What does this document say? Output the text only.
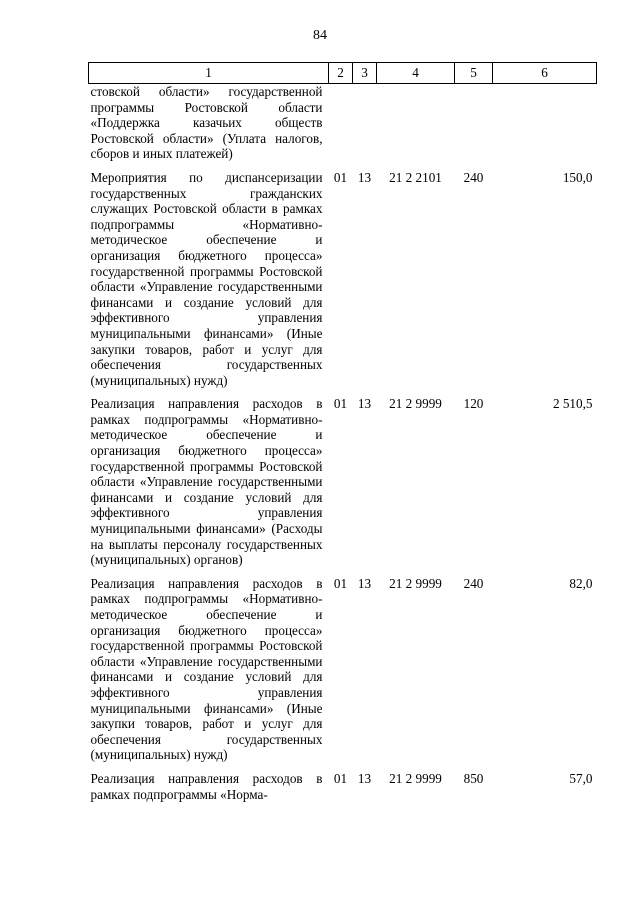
84
1	2	3	4	5	6
стовской области» государственной программы Ростовской области «Поддержка казачьих обществ Ростовской области» (Уплата налогов, сборов и иных платежей)					
Мероприятия по диспансеризации государственных гражданских служащих Ростовской области в рамках подпрограммы «Нормативно-методическое обеспечение и организация бюджетного процесса» государственной программы Ростовской области «Управление государственными финансами и создание условий для эффективного управления муниципальными финансами» (Иные закупки товаров, работ и услуг для обеспечения государственных (муниципальных) нужд)	01	13	21 2 2101	240	150,0
Реализация направления расходов в рамках подпрограммы «Нормативно-методическое обеспечение и организация бюджетного процесса» государственной программы Ростовской области «Управление государственными финансами и создание условий для эффективного управления муниципальными финансами» (Расходы на выплаты персоналу государственных (муниципальных) органов)	01	13	21 2 9999	120	2 510,5
Реализация направления расходов в рамках подпрограммы «Нормативно-методическое обеспечение и организация бюджетного процесса» государственной программы Ростовской области «Управление государственными финансами и создание условий для эффективного управления муниципальными финансами» (Иные закупки товаров, работ и услуг для обеспечения государственных (муниципальных) нужд)	01	13	21 2 9999	240	82,0
Реализация направления расходов в рамках подпрограммы «Норма-	01	13	21 2 9999	850	57,0
